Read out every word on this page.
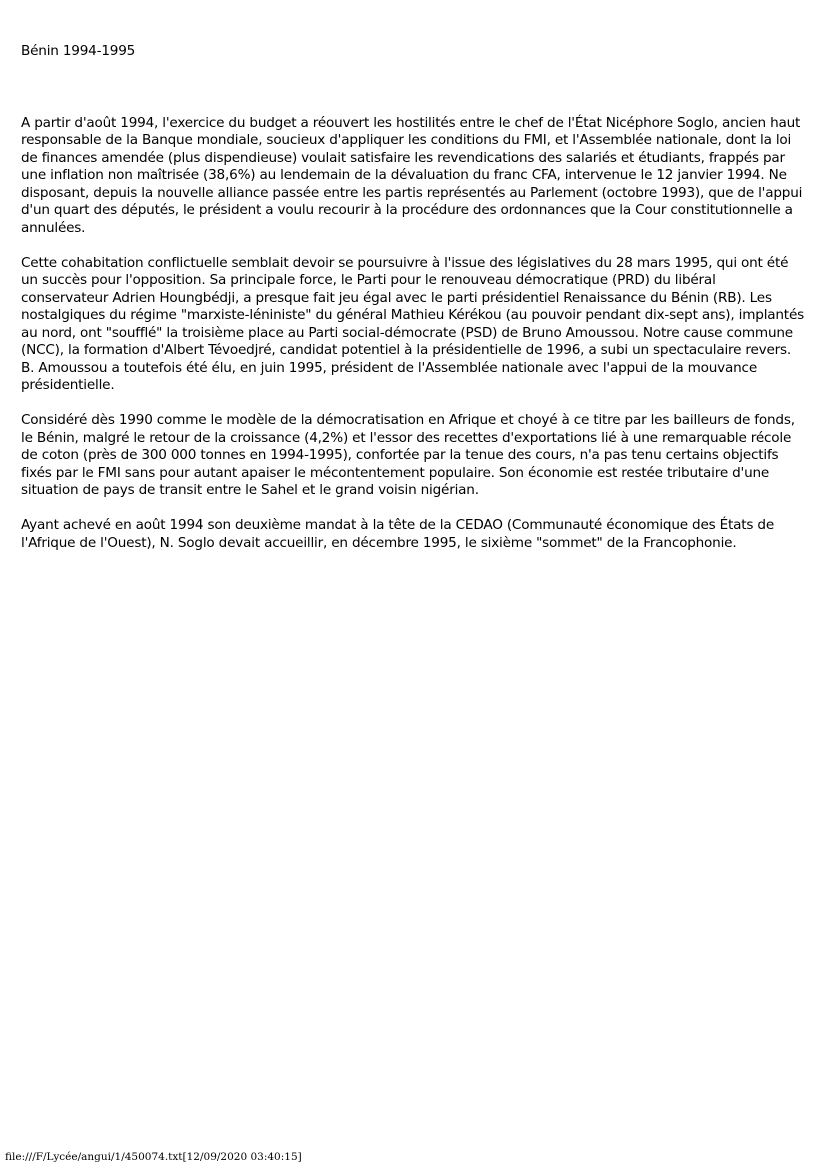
Bénin 1994-1995

A partir d'août 1994, l'exercice du budget a réouvert les hostilités entre le chef de l'État Nicéphore Soglo, ancien haut responsable de la Banque mondiale, soucieux d'appliquer les conditions du FMI, et l'Assemblée nationale, dont la loi de finances amendée (plus dispendieuse) voulait satisfaire les revendications des salariés et étudiants, frappés par une inflation non maîtrisée (38,6%) au lendemain de la dévaluation du franc CFA, intervenue le 12 janvier 1994. Ne disposant, depuis la nouvelle alliance passée entre les partis représentés au Parlement (octobre 1993), que de l'appui d'un quart des députés, le président a voulu recourir à la procédure des ordonnances que la Cour constitutionnelle a annulées.

Cette cohabitation conflictuelle semblait devoir se poursuivre à l'issue des législatives du 28 mars 1995, qui ont été un succès pour l'opposition. Sa principale force, le Parti pour le renouveau démocratique (PRD) du libéral conservateur Adrien Houngbédji, a presque fait jeu égal avec le parti présidentiel Renaissance du Bénin (RB). Les nostalgiques du régime "marxiste-léniniste" du général Mathieu Kérékou (au pouvoir pendant dix-sept ans), implantés au nord, ont "soufflé" la troisième place au Parti social-démocrate (PSD) de Bruno Amoussou. Notre cause commune (NCC), la formation d'Albert Tévoedjré, candidat potentiel à la présidentielle de 1996, a subi un spectaculaire revers. B. Amoussou a toutefois été élu, en juin 1995, président de l'Assemblée nationale avec l'appui de la mouvance présidentielle.

Considéré dès 1990 comme le modèle de la démocratisation en Afrique et choyé à ce titre par les bailleurs de fonds, le Bénin, malgré le retour de la croissance (4,2%) et l'essor des recettes d'exportations lié à une remarquable récole de coton (près de 300 000 tonnes en 1994-1995), confortée par la tenue des cours, n'a pas tenu certains objectifs fixés par le FMI sans pour autant apaiser le mécontentement populaire. Son économie est restée tributaire d'une situation de pays de transit entre le Sahel et le grand voisin nigérian.

Ayant achevé en août 1994 son deuxième mandat à la tête de la CEDAO (Communauté économique des États de l'Afrique de l'Ouest), N. Soglo devait accueillir, en décembre 1995, le sixième "sommet" de la Francophonie.

file:///F/Lycée/angui/1/450074.txt[12/09/2020 03:40:15]
